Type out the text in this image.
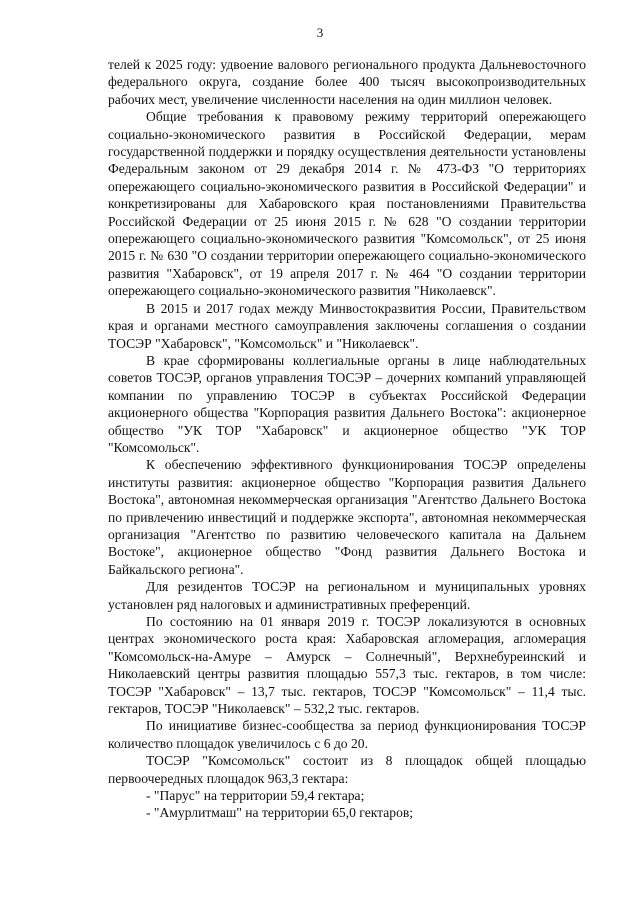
3

телей к 2025 году: удвоение валового регионального продукта Дальневосточного федерального округа, создание более 400 тысяч высокопроизводительных рабочих мест, увеличение численности населения на один миллион человек.

Общие требования к правовому режиму территорий опережающего социально-экономического развития в Российской Федерации, мерам государственной поддержки и порядку осуществления деятельности установлены Федеральным законом от 29 декабря 2014 г. № 473-ФЗ "О территориях опережающего социально-экономического развития в Российской Федерации" и конкретизированы для Хабаровского края постановлениями Правительства Российской Федерации от 25 июня 2015 г. № 628 "О создании территории опережающего социально-экономического развития "Комсомольск", от 25 июня 2015 г. № 630 "О создании территории опережающего социально-экономического развития "Хабаровск", от 19 апреля 2017 г. № 464 "О создании территории опережающего социально-экономического развития "Николаевск".

В 2015 и 2017 годах между Минвостокразвития России, Правительством края и органами местного самоуправления заключены соглашения о создании ТОСЭР "Хабаровск", "Комсомольск" и "Николаевск".

В крае сформированы коллегиальные органы в лице наблюдательных советов ТОСЭР, органов управления ТОСЭР – дочерних компаний управляющей компании по управлению ТОСЭР в субъектах Российской Федерации акционерного общества "Корпорация развития Дальнего Востока": акционерное общество "УК ТОР "Хабаровск" и акционерное общество "УК ТОР "Комсомольск".

К обеспечению эффективного функционирования ТОСЭР определены институты развития: акционерное общество "Корпорация развития Дальнего Востока", автономная некоммерческая организация "Агентство Дальнего Востока по привлечению инвестиций и поддержке экспорта", автономная некоммерческая организация "Агентство по развитию человеческого капитала на Дальнем Востоке", акционерное общество "Фонд развития Дальнего Востока и Байкальского региона".

Для резидентов ТОСЭР на региональном и муниципальных уровнях установлен ряд налоговых и административных преференций.

По состоянию на 01 января 2019 г. ТОСЭР локализуются в основных центрах экономического роста края: Хабаровская агломерация, агломерация "Комсомольск-на-Амуре – Амурск – Солнечный", Верхнебуреинский и Николаевский центры развития площадью 557,3 тыс. гектаров, в том числе: ТОСЭР "Хабаровск" – 13,7 тыс. гектаров, ТОСЭР "Комсомольск" – 11,4 тыс. гектаров, ТОСЭР "Николаевск" – 532,2 тыс. гектаров.

По инициативе бизнес-сообщества за период функционирования ТОСЭР количество площадок увеличилось с 6 до 20.

ТОСЭР "Комсомольск" состоит из 8 площадок общей площадью первоочередных площадок 963,3 гектара:

- "Парус" на территории 59,4 гектара;

- "Амурлитмаш" на территории 65,0 гектаров;
